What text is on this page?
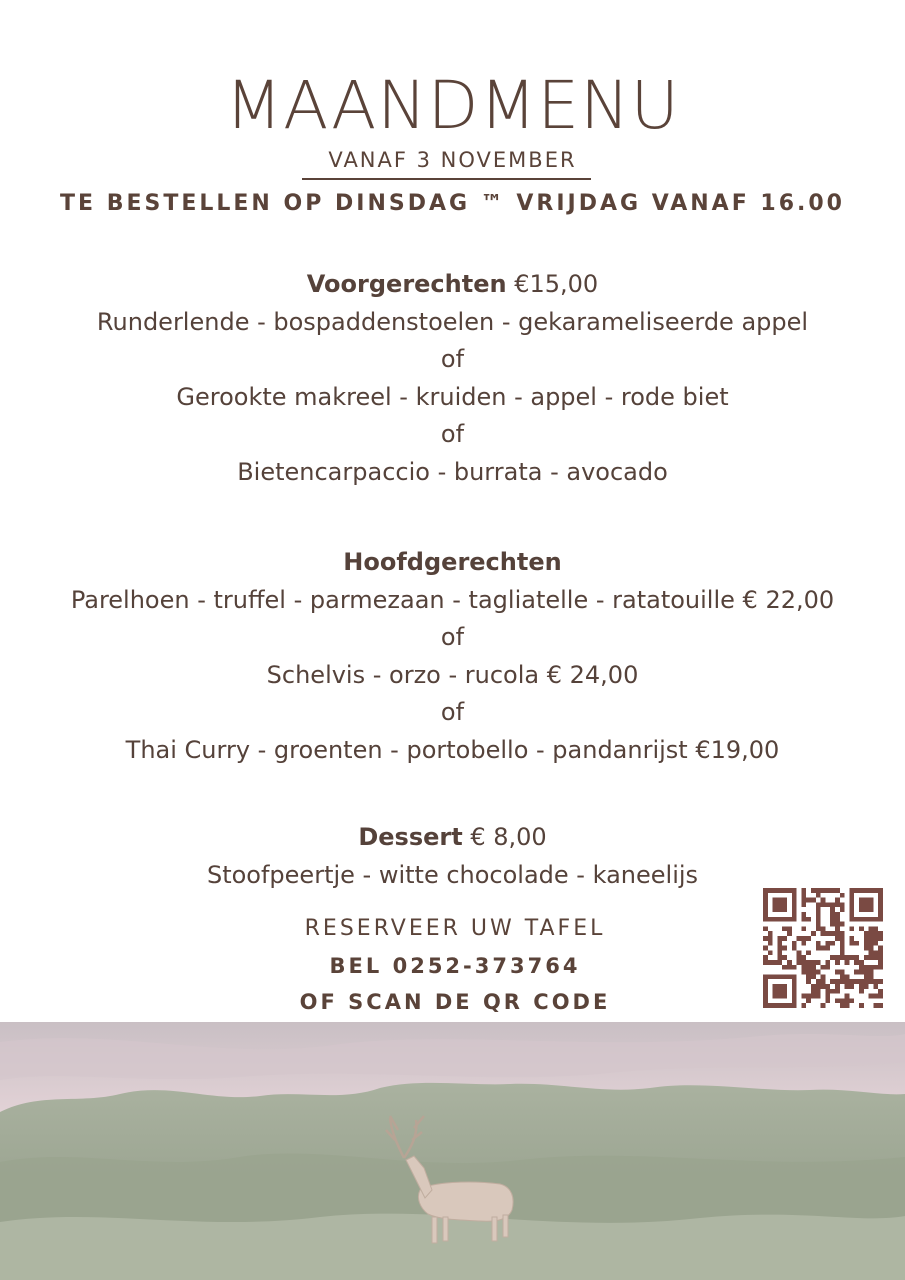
MAANDMENU
VANAF 3 NOVEMBER
TE BESTELLEN OP DINSDAG ™ VRIJDAG VANAF 16.00
Voorgerechten €15,00
Runderlende - bospaddenstoelen - gekarameliseerde appel
of
Gerookte makreel - kruiden - appel - rode biet
of
Bietencarpaccio - burrata - avocado
Hoofdgerechten
Parelhoen - truffel - parmezaan - tagliatelle - ratatouille € 22,00
of
Schelvis - orzo - rucola € 24,00
of
Thai Curry - groenten - portobello - pandanrijst €19,00
Dessert € 8,00
Stoofpeertje - witte chocolade - kaneelijs
RESERVEER UW TAFEL
BEL 0252-373764
OF SCAN DE QR CODE
